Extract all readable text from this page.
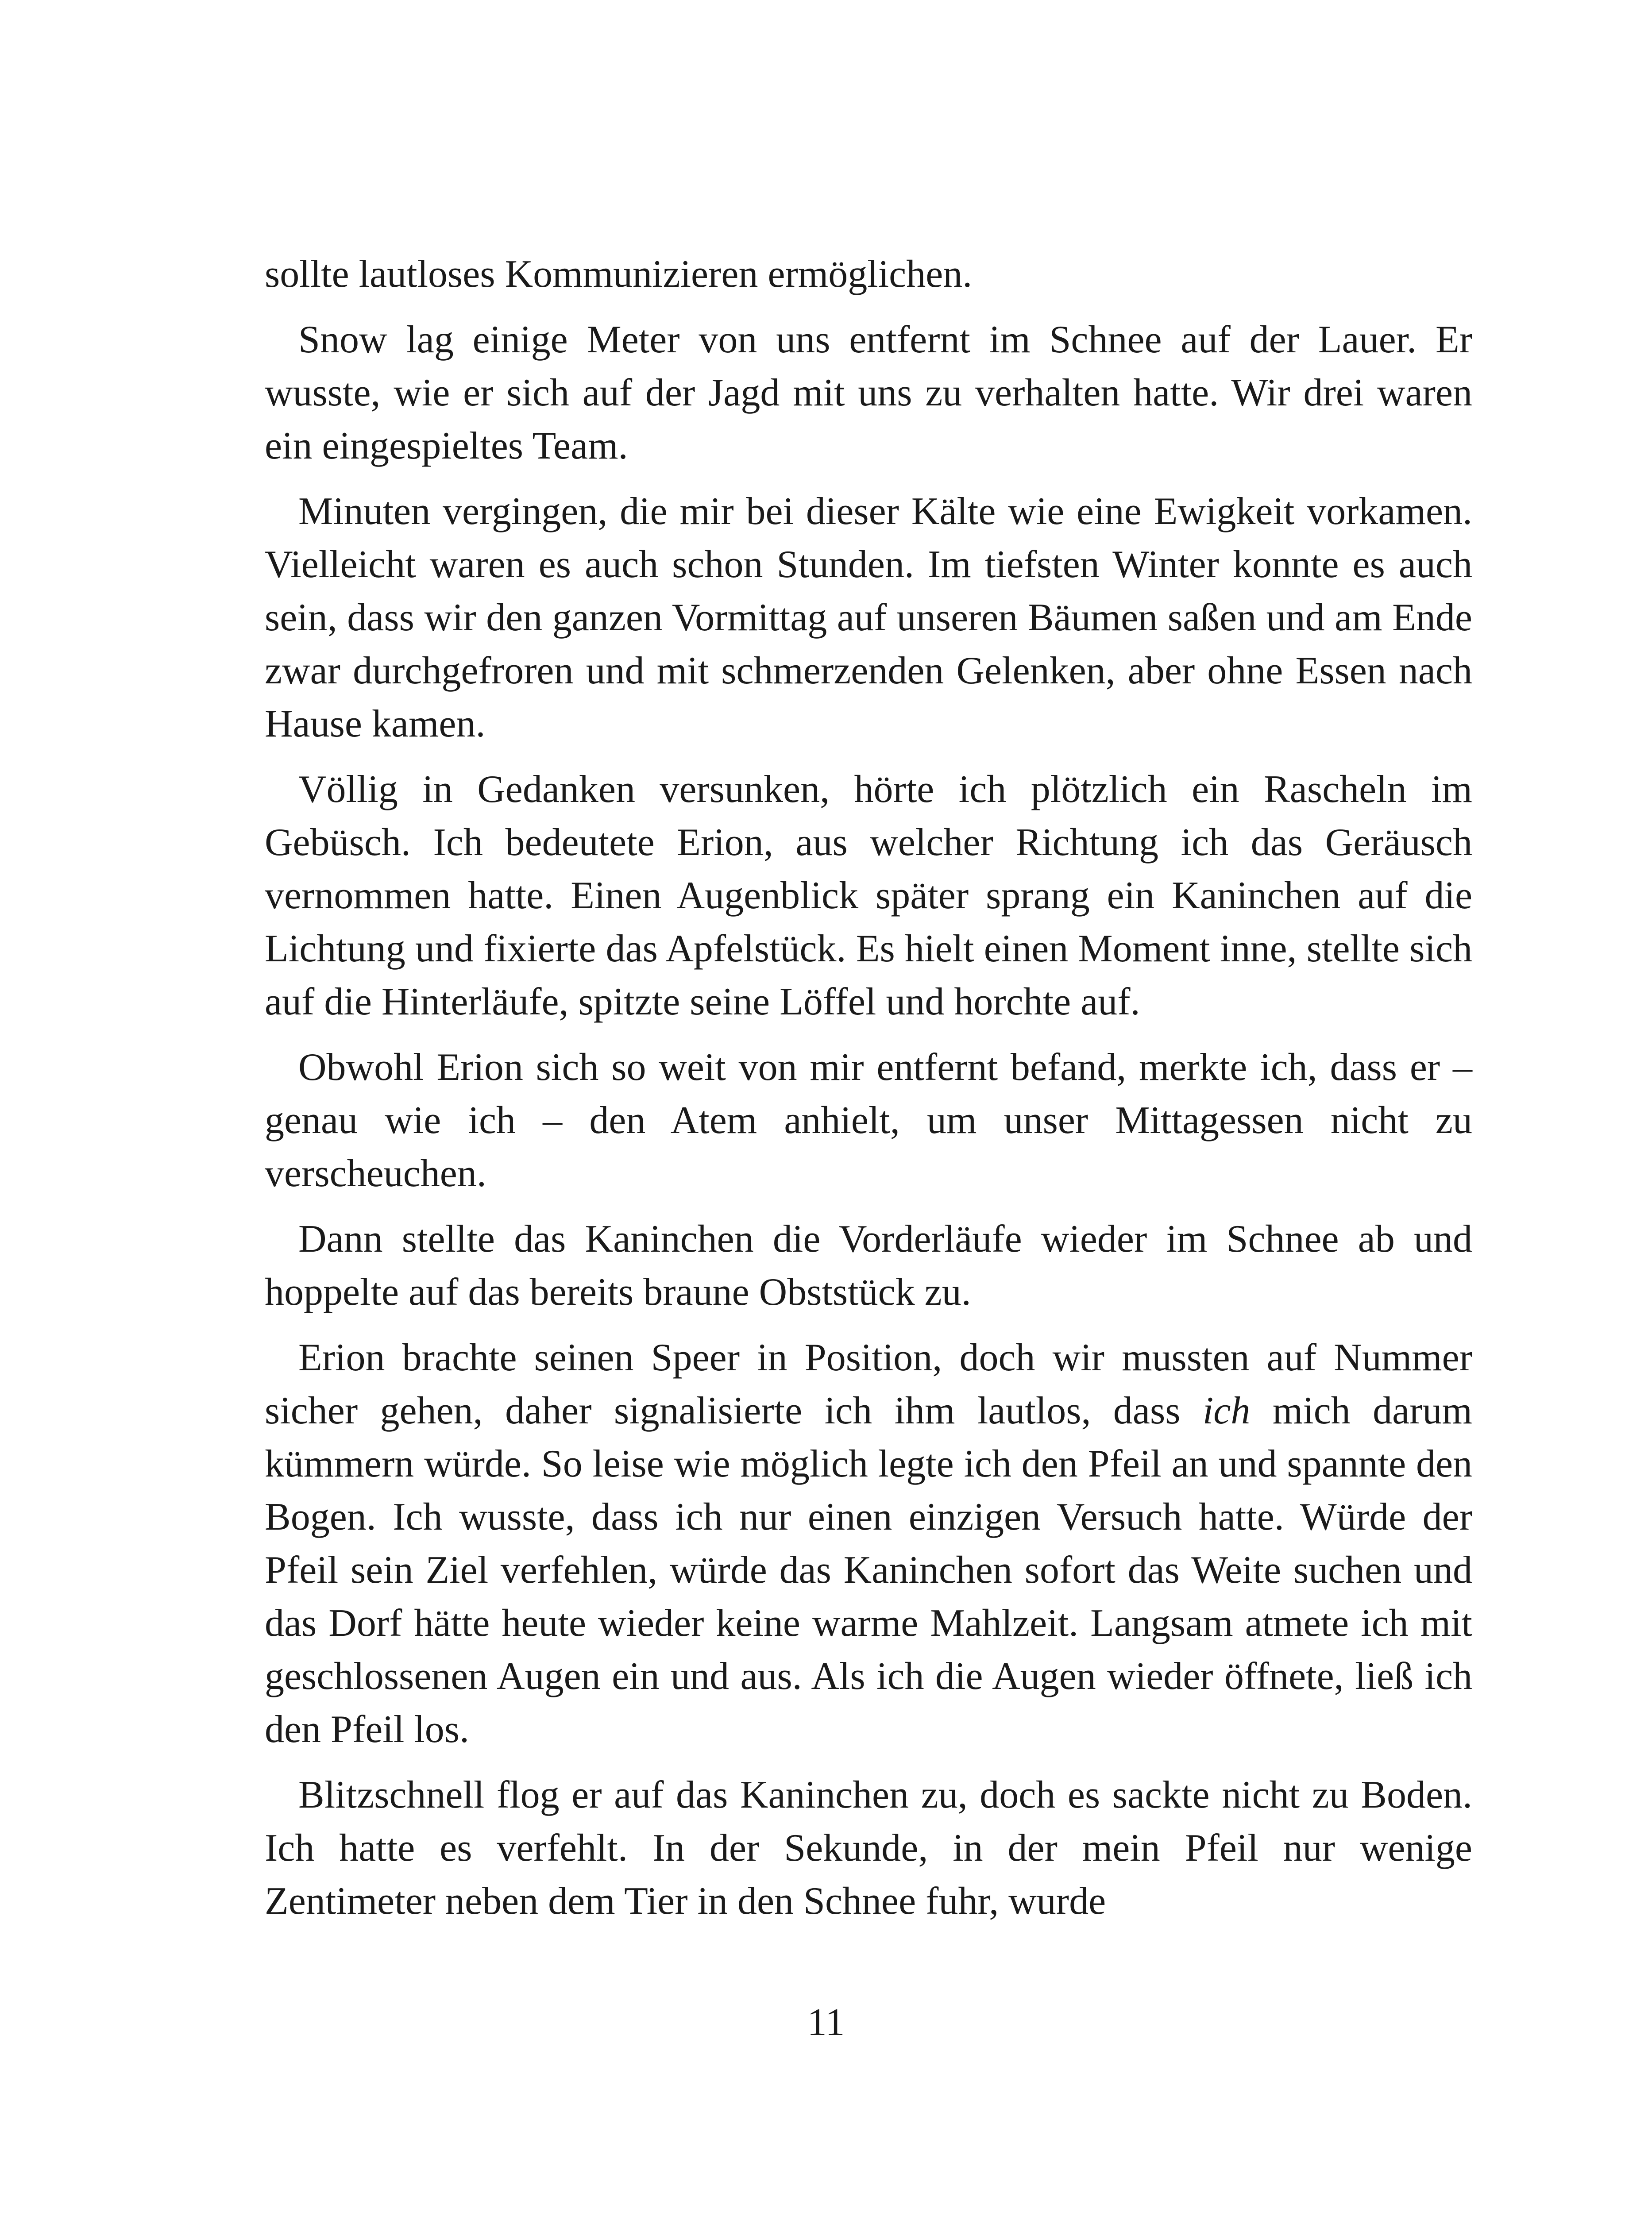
sollte lautloses Kommunizieren ermöglichen.

Snow lag einige Meter von uns entfernt im Schnee auf der Lauer. Er wusste, wie er sich auf der Jagd mit uns zu verhalten hatte. Wir drei waren ein eingespieltes Team.

Minuten vergingen, die mir bei dieser Kälte wie eine Ewigkeit vorkamen. Vielleicht waren es auch schon Stunden. Im tiefsten Winter konnte es auch sein, dass wir den ganzen Vormittag auf unseren Bäumen saßen und am Ende zwar durchgefroren und mit schmerzenden Gelenken, aber ohne Essen nach Hause kamen.

Völlig in Gedanken versunken, hörte ich plötzlich ein Rascheln im Gebüsch. Ich bedeutete Erion, aus welcher Richtung ich das Geräusch vernommen hatte. Einen Augenblick später sprang ein Kaninchen auf die Lichtung und fixierte das Apfelstück. Es hielt einen Moment inne, stellte sich auf die Hinterläufe, spitzte seine Löffel und horchte auf.

Obwohl Erion sich so weit von mir entfernt befand, merkte ich, dass er – genau wie ich – den Atem anhielt, um unser Mittagessen nicht zu verscheuchen.

Dann stellte das Kaninchen die Vorderläufe wieder im Schnee ab und hoppelte auf das bereits braune Obststück zu.

Erion brachte seinen Speer in Position, doch wir mussten auf Nummer sicher gehen, daher signalisierte ich ihm lautlos, dass ich mich darum kümmern würde. So leise wie möglich legte ich den Pfeil an und spannte den Bogen. Ich wusste, dass ich nur einen einzigen Versuch hatte. Würde der Pfeil sein Ziel verfehlen, würde das Kaninchen sofort das Weite suchen und das Dorf hätte heute wieder keine warme Mahlzeit. Langsam atmete ich mit geschlossenen Augen ein und aus. Als ich die Augen wieder öffnete, ließ ich den Pfeil los.

Blitzschnell flog er auf das Kaninchen zu, doch es sackte nicht zu Boden. Ich hatte es verfehlt. In der Sekunde, in der mein Pfeil nur wenige Zentimeter neben dem Tier in den Schnee fuhr, wurde

11
